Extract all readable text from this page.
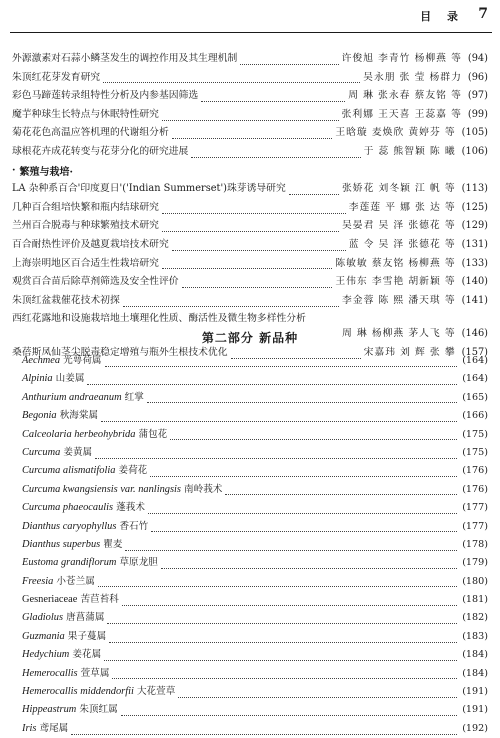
目 录 7
外源激素对石蒜小鳞茎发生的调控作用及其生理机制	许俊旭 李青竹 杨柳燕 等 (94)
朱顶红花芽发育研究	吴永朋 张 莹 杨群力 (96)
彩色马蹄莲转录组特性分析及内参基因筛选	周 琳 张永春 蔡友铭 等 (97)
魔芋种球生长特点与休眠特性研究	张利娜 王天喜 王蕊嘉 等 (99)
菊花花色高温应答机理的代谢组分析	王晗璇 麦焕欣 黄婷芬 等 (105)
球根花卉成花转变与花芽分化的研究进展	于 蕊 熊智颖 陈 曦 (106)
· 繁殖与栽培·
LA 杂种系百合'印度夏日'('Indian Summerset')珠芽诱导研究	张娇花 刘冬颖 江 帆 等 (113)
几种百合组培快繁和瓶内结球研究	李莲莲 平 娜 张 达 等 (125)
兰州百合脱毒与种球繁殖技术研究	吴晏君 吴 泽 张德花 等 (129)
百合耐热性评价及越夏栽培技术研究	蓝 令 吴 泽 张德花 等 (131)
上海崇明地区百合适生性栽培研究	陈敏敏 蔡友铭 杨柳燕 等 (133)
观赏百合苗后除草剂筛选及安全性评价	王伟东 李雪艳 胡新颖 等 (140)
朱顶红盆栽催花技术初探	李金蓉 陈 熙 潘天琪 等 (141)
西红花露地和设施栽培地土壤理化性质、酶活性及微生物多样性分析
周 琳 杨柳燕 茅人飞 等 (146)
桑蓓斯凤仙茎尖脱毒稳定增殖与瓶外生根技术优化	宋嘉玮 刘 辉 张 攀 (157)
第二部分 新品种
Aechmea 光萼荷属	(164)
Alpinia 山姜属	(164)
Anthurium andraeanum 红掌	(165)
Begonia 秋海棠属	(166)
Calceolaria herbeohybrida 蒲包花	(175)
Curcuma 姜黄属	(175)
Curcuma alismatifolia 姜荷花	(176)
Curcuma kwangsiensis var. nanlingsis 南岭莪术	(176)
Curcuma phaeocaulis 蓬莪术	(177)
Dianthus caryophyllus 香石竹	(177)
Dianthus superbus 瞿麦	(178)
Eustoma grandiflorum 草原龙胆	(179)
Freesia 小苍兰属	(180)
Gesneriaceae 苦苣苔科	(181)
Gladiolus 唐菖蒲属	(182)
Guzmania 果子蔓属	(183)
Hedychium 姜花属	(184)
Hemerocallis 萱草属	(184)
Hemerocallis middendorfii 大花萱草	(191)
Hippeastrum 朱顶红属	(191)
Iris 鸢尾属	(192)
